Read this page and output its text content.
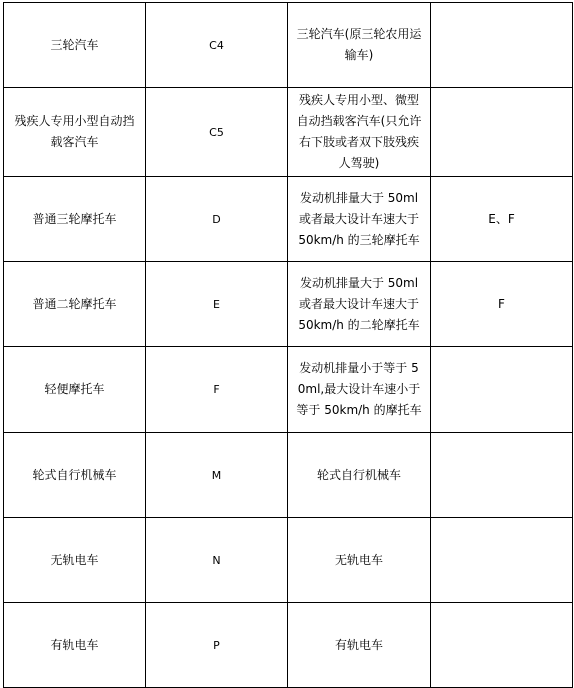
三轮汽车	C4	三轮汽车(原三轮农用运输车)	
残疾人专用小型自动挡载客汽车	C5	残疾人专用小型、微型自动挡载客汽车(只允许右下肢或者双下肢残疾人驾驶)	
普通三轮摩托车	D	发动机排量大于 50ml 或者最大设计车速大于 50km/h 的三轮摩托车	E、F
普通二轮摩托车	E	发动机排量大于 50ml 或者最大设计车速大于 50km/h 的二轮摩托车	F
轻便摩托车	F	发动机排量小于等于 50ml,最大设计车速小于等于 50km/h 的摩托车	
轮式自行机械车	M	轮式自行机械车	
无轨电车	N	无轨电车	
有轨电车	P	有轨电车	
